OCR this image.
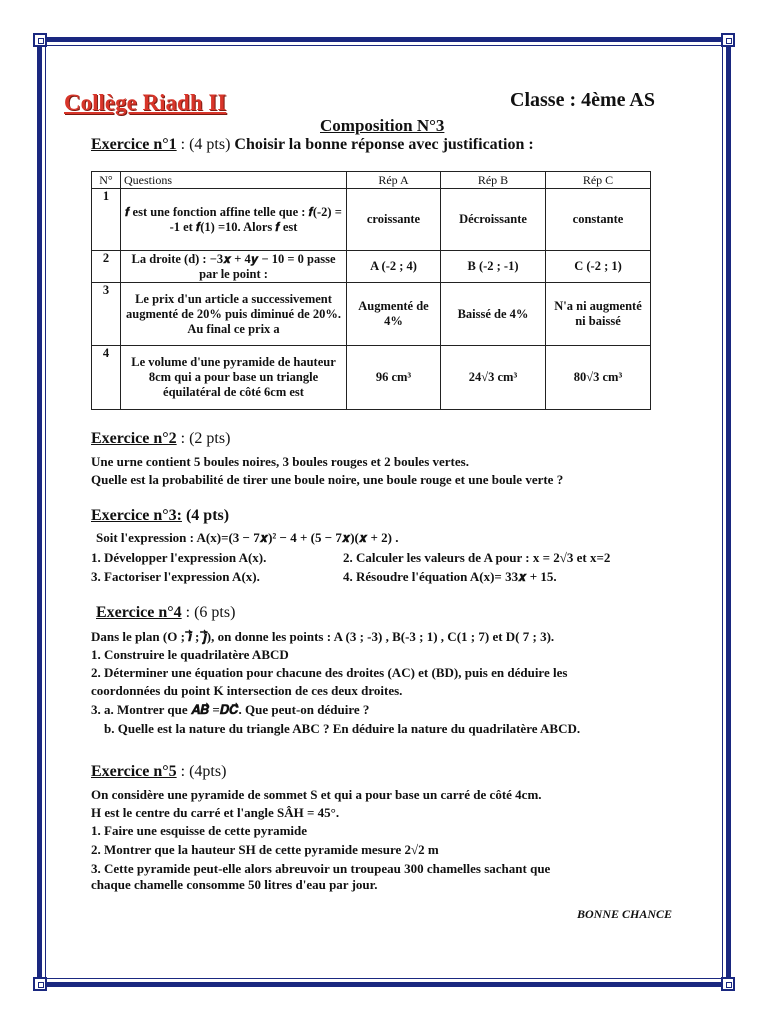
Collège Riadh II	Classe : 4ème AS
Composition N°3
Exercice n°1 : (4 pts) Choisir la bonne réponse avec justification :
N°	Questions	Rép A	Rép B	Rép C
1	𝒇 est une fonction affine telle que : 𝒇(-2) = -1 et 𝒇(1) =10. Alors 𝒇 est	croissante	Décroissante	constante
2	La droite (d) : −3𝒙 + 4𝒚 − 10 = 0 passe par le point :	A (-2 ; 4)	B (-2 ; -1)	C (-2 ; 1)
3	Le prix d'un article a successivement augmenté de 20% puis diminué de 20%. Au final ce prix a	Augmenté de 4%	Baissé de 4%	N'a ni augmenté ni baissé
4	Le volume d'une pyramide de hauteur 8cm qui a pour base un triangle équilatéral de côté 6cm est	96 cm³	24√3 cm³	80√3 cm³
Exercice n°2 : (2 pts)
Une urne contient 5 boules noires, 3 boules rouges et 2 boules vertes.
Quelle est la probabilité de tirer une boule noire, une boule rouge et une boule verte ?
Exercice n°3: (4 pts)
Soit l'expression : A(x)=(3 − 7𝒙)² − 4 + (5 − 7𝒙)(𝒙 + 2) .
1. Développer l'expression A(x).	2. Calculer les valeurs de A pour : x = 2√3 et x=2
3. Factoriser l'expression A(x).	4. Résoudre l'équation A(x)= 33𝒙 + 15.
Exercice n°4 : (6 pts)
Dans le plan (O ; 𝒊⃗ ; 𝒋⃗), on donne les points : A (3 ; -3) , B(-3 ; 1) , C(1 ; 7) et D( 7 ; 3).
1. Construire le quadrilatère ABCD
2. Déterminer une équation pour chacune des droites (AC) et (BD), puis en déduire les
coordonnées du point K intersection de ces deux droites.
3. a. Montrer que 𝑨𝑩⃗ =𝑫𝑪⃗. Que peut-on déduire ?
b. Quelle est la nature du triangle ABC ? En déduire la nature du quadrilatère ABCD.
Exercice n°5 : (4pts)
On considère une pyramide de sommet S et qui a pour base un carré de côté 4cm.
H est le centre du carré et l'angle SÂH = 45°.
1. Faire une esquisse de cette pyramide
2. Montrer que la hauteur SH de cette pyramide mesure 2√2 m
3. Cette pyramide peut-elle alors abreuvoir un troupeau 300 chamelles sachant que
chaque chamelle consomme 50 litres d'eau par jour.
BONNE CHANCE
